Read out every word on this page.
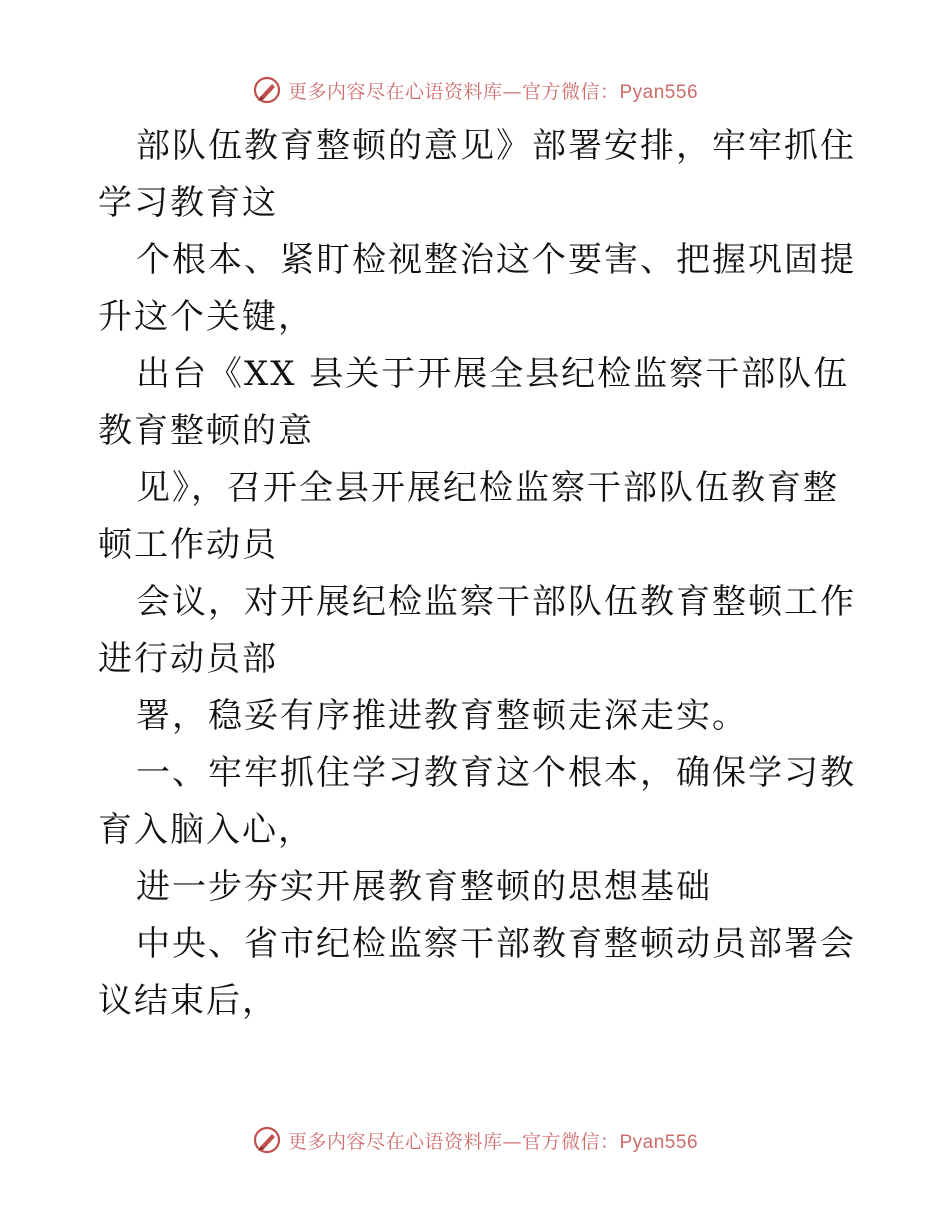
更多内容尽在心语资料库—官方微信：Pyan556

部队伍教育整顿的意见》部署安排，牢牢抓住学习教育这

个根本、紧盯检视整治这个要害、把握巩固提升这个关键，

出台《XX 县关于开展全县纪检监察干部队伍教育整顿的意

见》，召开全县开展纪检监察干部队伍教育整顿工作动员

会议，对开展纪检监察干部队伍教育整顿工作进行动员部

署，稳妥有序推进教育整顿走深走实。

一、牢牢抓住学习教育这个根本，确保学习教育入脑入心，

进一步夯实开展教育整顿的思想基础

中央、省市纪检监察干部教育整顿动员部署会议结束后，

更多内容尽在心语资料库—官方微信：Pyan556
